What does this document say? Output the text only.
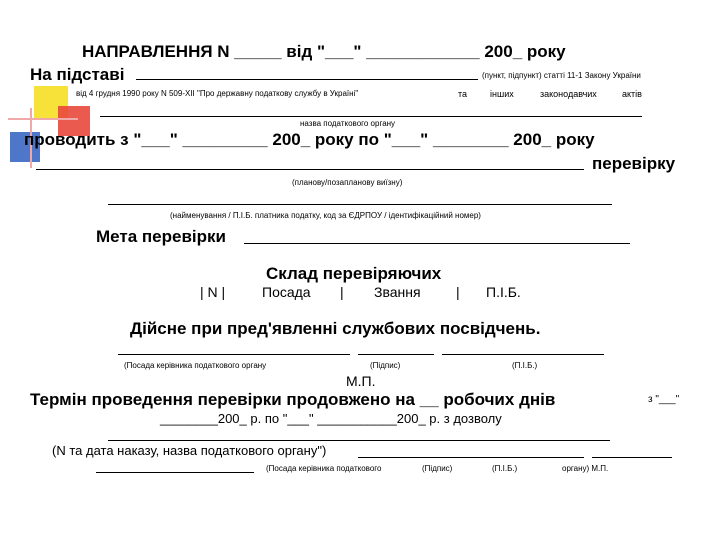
НАПРАВЛЕННЯ N _____ від "___" ____________ 200_ року
На підставі	(пункт, підпункт) статті 11-1 Закону України
від 4 грудня 1990 року N 509-XII "Про державну податкову службу в Україні"	та	інших	законодавчих	актів
назва податкового органу
проводить з "___" _________ 200_ року по "___" ________ 200_ року
перевірку
(планову/позапланову виїзну)
(найменування / П.І.Б. платника податку, код за ЄДРПОУ / ідентифікаційний номер)
Мета перевірки
Склад перевіряючих
| N |	Посада | Звання	| П.І.Б.
Дійсне при пред'явленні службових посвідчень.
(Посада керівника податкового органу	(Підпис)	(П.І.Б.)
М.П.
Термін проведення перевірки продовжено на __ робочих днів	з "___"
________200_ р. по "___" ___________200_ р. з дозволу
(N та дата наказу, назва податкового органу")
(Посада керівника податкового	(Підпис)	(П.І.Б.)	органу) М.П.
